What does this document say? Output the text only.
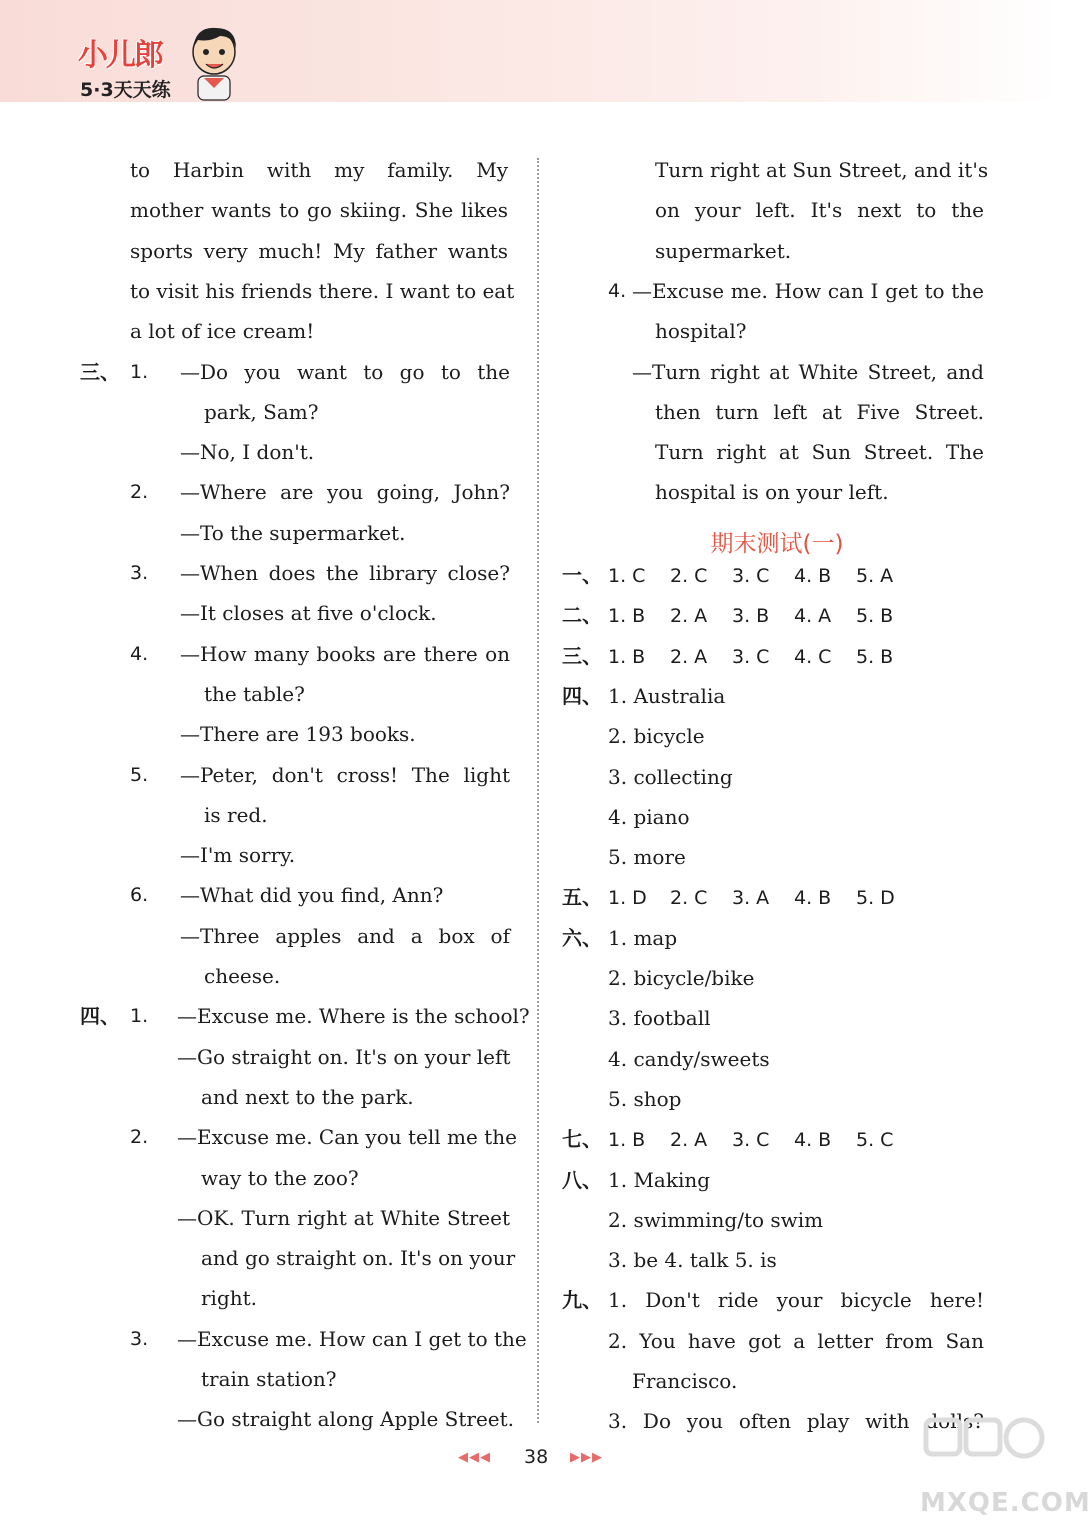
小儿郎
5·3天天练
to Harbin with my family. My
mother wants to go skiing. She likes
sports very much! My father wants
to visit his friends there. I want to eat
a lot of ice cream!
三、 1. —Do you want to go to the
park, Sam?
—No, I don't.
2. —Where are you going, John?
—To the supermarket.
3. —When does the library close?
—It closes at five o'clock.
4. —How many books are there on
the table?
—There are 193 books.
5. —Peter, don't cross! The light
is red.
—I'm sorry.
6. —What did you find, Ann?
—Three apples and a box of
cheese.
四、 1. —Excuse me. Where is the school?
—Go straight on. It's on your left
and next to the park.
2. —Excuse me. Can you tell me the
way to the zoo?
—OK. Turn right at White Street
and go straight on. It's on your
right.
3. —Excuse me. How can I get to the
train station?
—Go straight along Apple Street.
Turn right at Sun Street, and it's
on your left. It's next to the
supermarket.
4. —Excuse me. How can I get to the
hospital?
—Turn right at White Street, and
then turn left at Five Street.
Turn right at Sun Street. The
hospital is on your left.
期末测试(一)
一、 1. C 2. C 3. C 4. B 5. A
二、 1. B 2. A 3. B 4. A 5. B
三、 1. B 2. A 3. C 4. C 5. B
四、 1. Australia
2. bicycle
3. collecting
4. piano
5. more
五、 1. D 2. C 3. A 4. B 5. D
六、 1. map
2. bicycle/bike
3. football
4. candy/sweets
5. shop
七、 1. B 2. A 3. C 4. B 5. C
八、 1. Making
2. swimming/to swim
3. be 4. talk 5. is
九、 1. Don't ride your bicycle here!
2. You have got a letter from San
Francisco.
3. Do you often play with dolls?
◀◀◀ 38 ▶▶▶
MXQE.COM
